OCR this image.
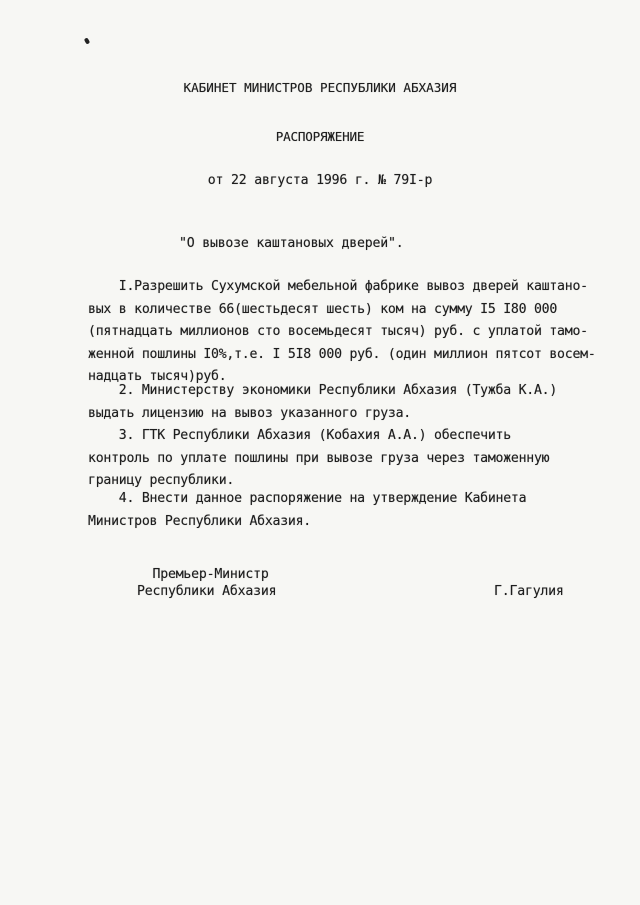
КАБИНЕТ МИНИСТРОВ РЕСПУБЛИКИ АБХАЗИЯ
РАСПОРЯЖЕНИЕ
от 22 августа 1996 г. № 79I-р
"О вывозе каштановых дверей".
I.Разрешить Сухумской мебельной фабрике вывоз дверей каштано-
вых в количестве 66(шестьдесят шесть) ком на сумму I5 I80 000
(пятнадцать миллионов сто восемьдесят тысяч) руб. с уплатой тамо-
женной пошлины I0%,т.е. I 5I8 000 руб. (один миллион пятсот восем-
надцать тысяч)руб.
2. Министерству экономики Республики Абхазия (Тужба К.А.)
выдать лицензию на вывоз указанного груза.
3. ГТК Республики Абхазия (Кобахия А.А.) обеспечить
контроль по уплате пошлины при вывозе груза через таможенную
границу республики.
4. Внести данное распоряжение на утверждение Кабинета
Министров Республики Абхазия.
Премьер-Министр
Республики Абхазия	Г.Гагулия
